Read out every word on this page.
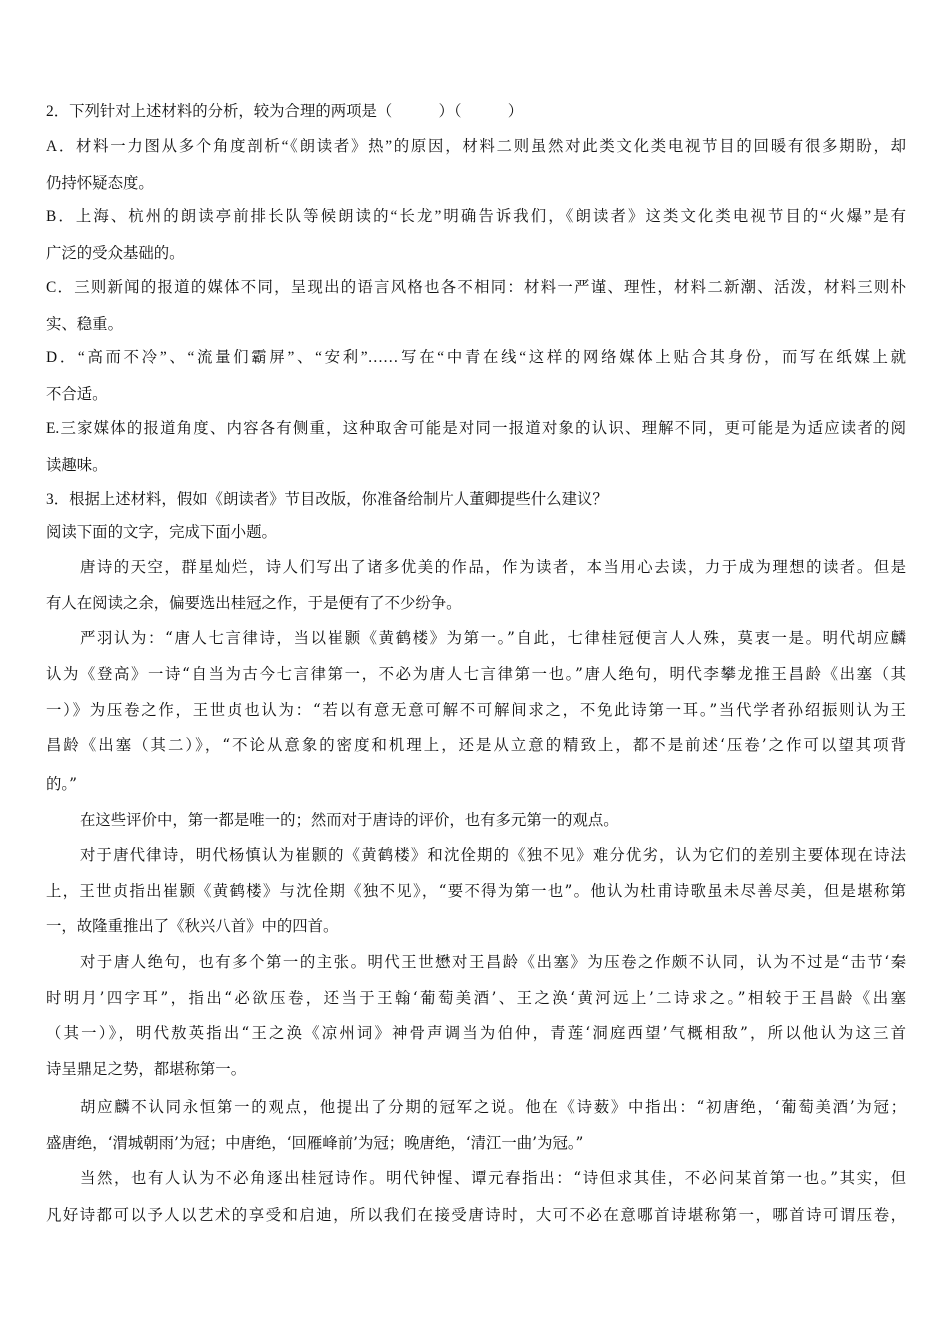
2．下列针对上述材料的分析，较为合理的两项是（　　　）（　　　）
A．材料一力图从多个角度剖析“《朗读者》热”的原因，材料二则虽然对此类文化类电视节目的回暖有很多期盼，却
仍持怀疑态度。
B．上海、杭州的朗读亭前排长队等候朗读的“长龙”明确告诉我们，《朗读者》这类文化类电视节目的“火爆”是有
广泛的受众基础的。
C．三则新闻的报道的媒体不同，呈现出的语言风格也各不相同：材料一严谨、理性，材料二新潮、活泼，材料三则朴
实、稳重。
D．“高而不冷”、“流量们霸屏”、“安利”……写在“中青在线“这样的网络媒体上贴合其身份，而写在纸媒上就
不合适。
E.三家媒体的报道角度、内容各有侧重，这种取舍可能是对同一报道对象的认识、理解不同，更可能是为适应读者的阅
读趣味。
3．根据上述材料，假如《朗读者》节目改版，你准备给制片人董卿提些什么建议？
阅读下面的文字，完成下面小题。
唐诗的天空，群星灿烂，诗人们写出了诸多优美的作品，作为读者，本当用心去读，力于成为理想的读者。但是
有人在阅读之余，偏要选出桂冠之作，于是便有了不少纷争。
严羽认为：“唐人七言律诗，当以崔颢《黄鹤楼》为第一。”自此，七律桂冠便言人人殊，莫衷一是。明代胡应麟
认为《登高》一诗“自当为古今七言律第一，不必为唐人七言律第一也。”唐人绝句，明代李攀龙推王昌龄《出塞（其
一）》为压卷之作，王世贞也认为：“若以有意无意可解不可解间求之，不免此诗第一耳。”当代学者孙绍振则认为王
昌龄《出塞（其二）》，“不论从意象的密度和机理上，还是从立意的精致上，都不是前述‘压卷’之作可以望其项背
的。”
在这些评价中，第一都是唯一的；然而对于唐诗的评价，也有多元第一的观点。
对于唐代律诗，明代杨慎认为崔颢的《黄鹤楼》和沈佺期的《独不见》难分优劣，认为它们的差别主要体现在诗法
上，王世贞指出崔颢《黄鹤楼》与沈佺期《独不见》，“要不得为第一也”。他认为杜甫诗歌虽未尽善尽美，但是堪称第
一，故隆重推出了《秋兴八首》中的四首。
对于唐人绝句，也有多个第一的主张。明代王世懋对王昌龄《出塞》为压卷之作颇不认同，认为不过是“击节‘秦
时明月’四字耳”，指出“必欲压卷，还当于王翰‘葡萄美酒’、王之涣‘黄河远上’二诗求之。”相较于王昌龄《出塞
（其一）》，明代敖英指出“王之涣《凉州词》神骨声调当为伯仲，青莲‘洞庭西望’气概相敌”，所以他认为这三首
诗呈鼎足之势，都堪称第一。
胡应麟不认同永恒第一的观点，他提出了分期的冠军之说。他在《诗薮》中指出：“初唐绝，‘葡萄美酒’为冠；
盛唐绝，‘渭城朝雨’为冠；中唐绝，‘回雁峰前’为冠；晚唐绝，‘清江一曲’为冠。”
当然，也有人认为不必角逐出桂冠诗作。明代钟惺、谭元春指出：“诗但求其佳，不必问某首第一也。”其实，但
凡好诗都可以予人以艺术的享受和启迪，所以我们在接受唐诗时，大可不必在意哪首诗堪称第一，哪首诗可谓压卷，
